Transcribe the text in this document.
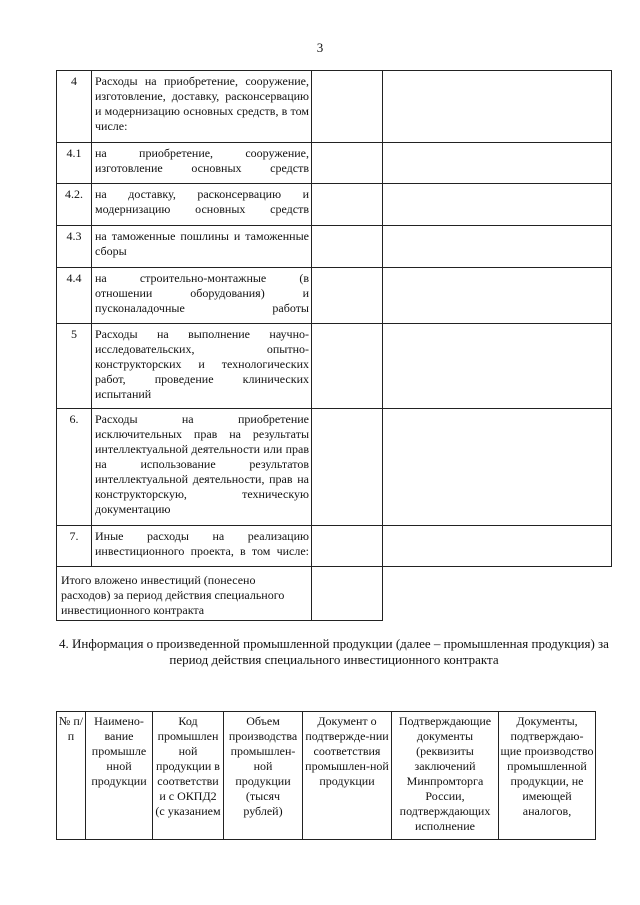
3
4	Расходы на приобретение, сооружение, изготовление, доставку, расконсервацию и модернизацию основных средств, в том числе:		
4.1	на приобретение, сооружение, изготовление основных средств		
4.2.	на доставку, расконсервацию и модернизацию основных средств		
4.3	на таможенные пошлины и таможенные сборы		
4.4	на строительно-монтажные (в отношении оборудования) и пусконаладочные работы		
5	Расходы на выполнение научно-исследовательских, опытно-конструкторских и технологических работ, проведение клинических испытаний		
6.	Расходы на приобретение исключительных прав на результаты интеллектуальной деятельности или прав на использование результатов интеллектуальной деятельности, прав на конструкторскую, техническую документацию		
7.	Иные расходы на реализацию инвестиционного проекта, в том числе:		
Итого вложено инвестиций (понесено расходов) за период действия специального инвестиционного контракта			
4. Информация о произведенной промышленной продукции (далее – промышленная продукция) за период действия специального инвестиционного контракта
№ п/п	Наимено-вание промышле нной продукции	Код промышлен ной продукции в соответстви и с ОКПД2 (с указанием	Объем производства промышлен-ной продукции (тысяч рублей)	Документ о подтвержде-нии соответствия промышлен-ной продукции	Подтверждающие документы (реквизиты заключений Минпромторга России, подтверждающих исполнение	Документы, подтверждаю-щие производство промышленной продукции, не имеющей аналогов,
